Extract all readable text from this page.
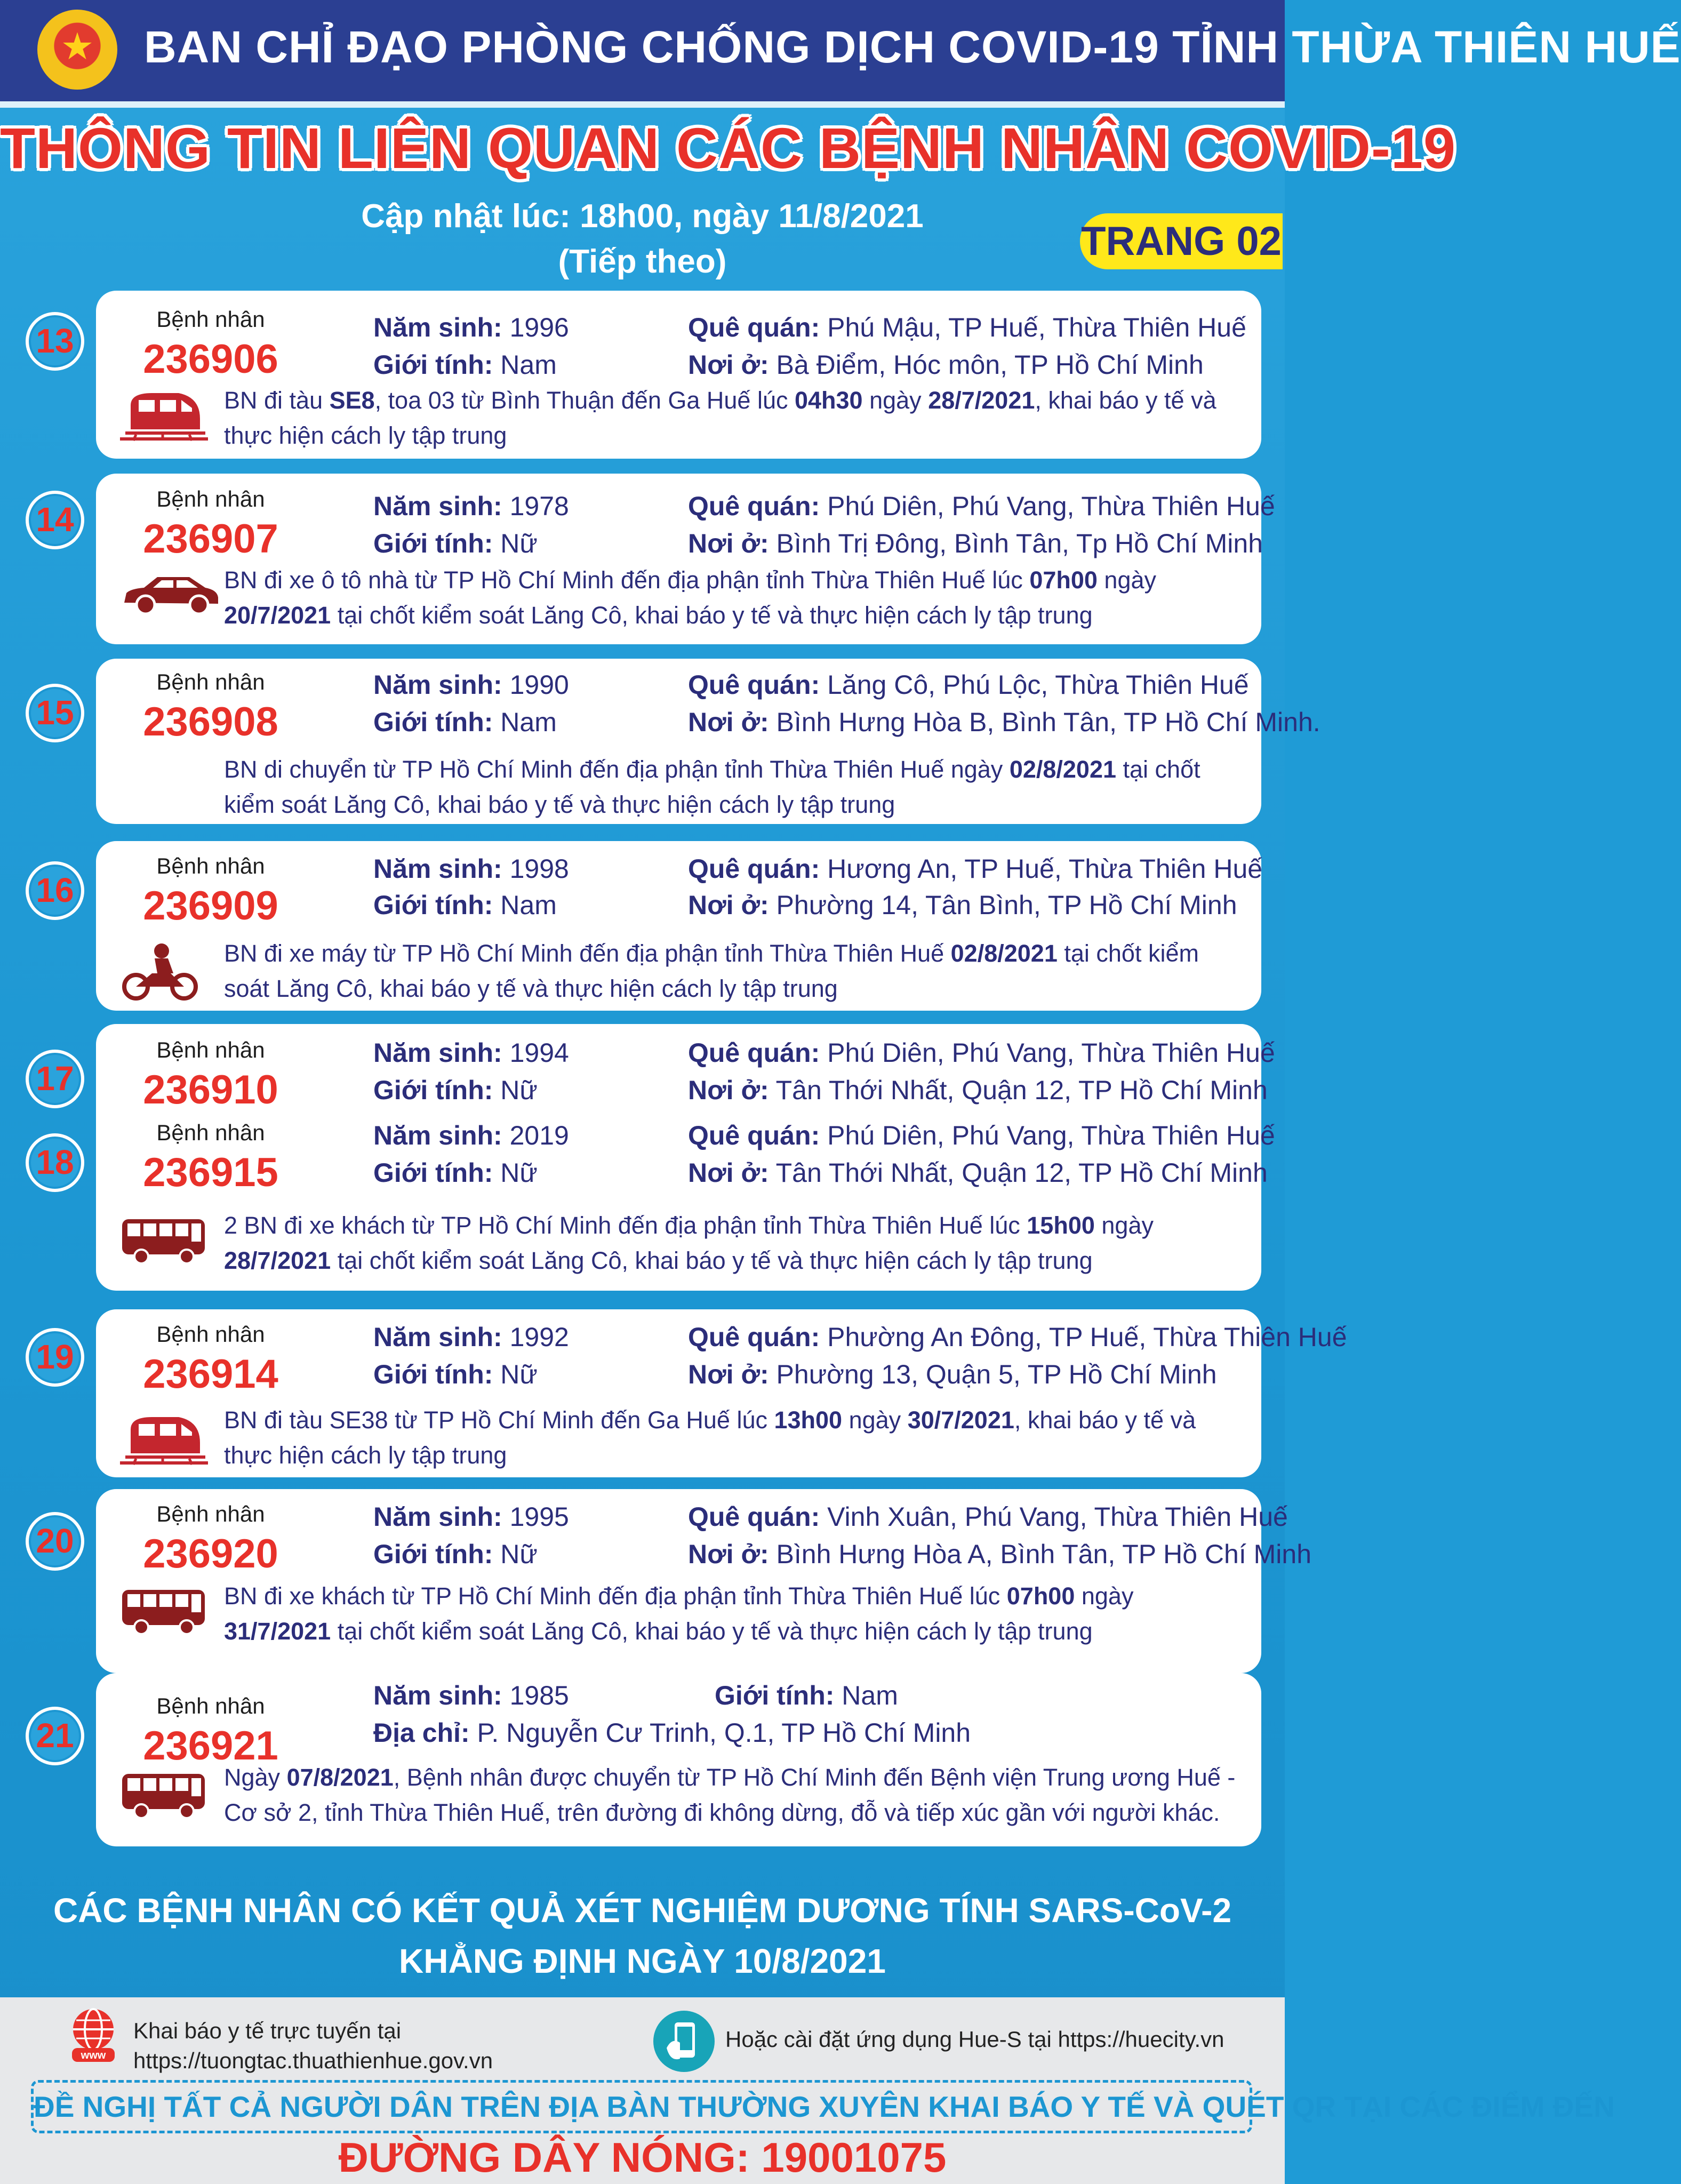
★	BAN CHỈ ĐẠO PHÒNG CHỐNG DỊCH COVID-19 TỈNH THỪA THIÊN HUẾ
THÔNG TIN LIÊN QUAN CÁC BỆNH NHÂN COVID-19
Cập nhật lúc: 18h00, ngày 11/8/2021
(Tiếp theo)	TRANG 02
13
Bệnh nhân
236906
Năm sinh: 1996
Giới tính: Nam
Quê quán: Phú Mậu, TP Huế, Thừa Thiên Huế
Nơi ở: Bà Điểm, Hóc môn, TP Hồ Chí Minh
BN đi tàu SE8, toa 03 từ Bình Thuận đến Ga Huế lúc 04h30 ngày 28/7/2021, khai báo y tế và thực hiện cách ly tập trung
14
Bệnh nhân
236907
Năm sinh: 1978
Giới tính: Nữ
Quê quán: Phú Diên, Phú Vang, Thừa Thiên Huế
Nơi ở: Bình Trị Đông, Bình Tân, Tp Hồ Chí Minh
BN đi xe ô tô nhà từ TP Hồ Chí Minh đến địa phận tỉnh Thừa Thiên Huế lúc 07h00 ngày 20/7/2021 tại chốt kiểm soát Lăng Cô, khai báo y tế và thực hiện cách ly tập trung
15
Bệnh nhân
236908
Năm sinh: 1990
Giới tính: Nam
Quê quán: Lăng Cô, Phú Lộc, Thừa Thiên Huế
Nơi ở: Bình Hưng Hòa B, Bình Tân, TP Hồ Chí Minh.
BN di chuyển từ TP Hồ Chí Minh đến địa phận tỉnh Thừa Thiên Huế ngày 02/8/2021 tại chốt kiểm soát Lăng Cô, khai báo y tế và thực hiện cách ly tập trung
16
Bệnh nhân
236909
Năm sinh: 1998
Giới tính: Nam
Quê quán: Hương An, TP Huế, Thừa Thiên Huế
Nơi ở: Phường 14, Tân Bình, TP Hồ Chí Minh
BN đi xe máy từ TP Hồ Chí Minh đến địa phận tỉnh Thừa Thiên Huế 02/8/2021 tại chốt kiểm soát Lăng Cô, khai báo y tế và thực hiện cách ly tập trung
17
Bệnh nhân
236910
Năm sinh: 1994
Giới tính: Nữ
Quê quán: Phú Diên, Phú Vang, Thừa Thiên Huế
Nơi ở: Tân Thới Nhất, Quận 12, TP Hồ Chí Minh
18
Bệnh nhân
236915
Năm sinh: 2019
Giới tính: Nữ
Quê quán: Phú Diên, Phú Vang, Thừa Thiên Huế
Nơi ở: Tân Thới Nhất, Quận 12, TP Hồ Chí Minh
2 BN đi xe khách từ TP Hồ Chí Minh đến địa phận tỉnh Thừa Thiên Huế lúc 15h00 ngày 28/7/2021 tại chốt kiểm soát Lăng Cô, khai báo y tế và thực hiện cách ly tập trung
19
Bệnh nhân
236914
Năm sinh: 1992
Giới tính: Nữ
Quê quán: Phường An Đông, TP Huế, Thừa Thiên Huế
Nơi ở: Phường 13, Quận 5, TP Hồ Chí Minh
BN đi tàu SE38 từ TP Hồ Chí Minh đến Ga Huế lúc 13h00 ngày 30/7/2021, khai báo y tế và thực hiện cách ly tập trung
20
Bệnh nhân
236920
Năm sinh: 1995
Giới tính: Nữ
Quê quán: Vinh Xuân, Phú Vang, Thừa Thiên Huế
Nơi ở: Bình Hưng Hòa A, Bình Tân, TP Hồ Chí Minh
BN đi xe khách từ TP Hồ Chí Minh đến địa phận tỉnh Thừa Thiên Huế lúc 07h00 ngày 31/7/2021 tại chốt kiểm soát Lăng Cô, khai báo y tế và thực hiện cách ly tập trung
21
Bệnh nhân
236921
Năm sinh: 1985	Giới tính: Nam
Địa chỉ: P. Nguyễn Cư Trinh, Q.1, TP Hồ Chí Minh
Ngày 07/8/2021, Bệnh nhân được chuyển từ TP Hồ Chí Minh đến Bệnh viện Trung ương Huế - Cơ sở 2, tỉnh Thừa Thiên Huế, trên đường đi không dừng, đỗ và tiếp xúc gần với người khác.
CÁC BỆNH NHÂN CÓ KẾT QUẢ XÉT NGHIỆM DƯƠNG TÍNH SARS-CoV-2
KHẲNG ĐỊNH NGÀY 10/8/2021
www
Khai báo y tế trực tuyến tại
https://tuongtac.thuathienhue.gov.vn
Hoặc cài đặt ứng dụng Hue-S tại https://huecity.vn
ĐỀ NGHỊ TẤT CẢ NGƯỜI DÂN TRÊN ĐỊA BÀN THƯỜNG XUYÊN KHAI BÁO Y TẾ VÀ QUÉT QR TẠI CÁC ĐIỂM ĐẾN
ĐƯỜNG DÂY NÓNG: 19001075
